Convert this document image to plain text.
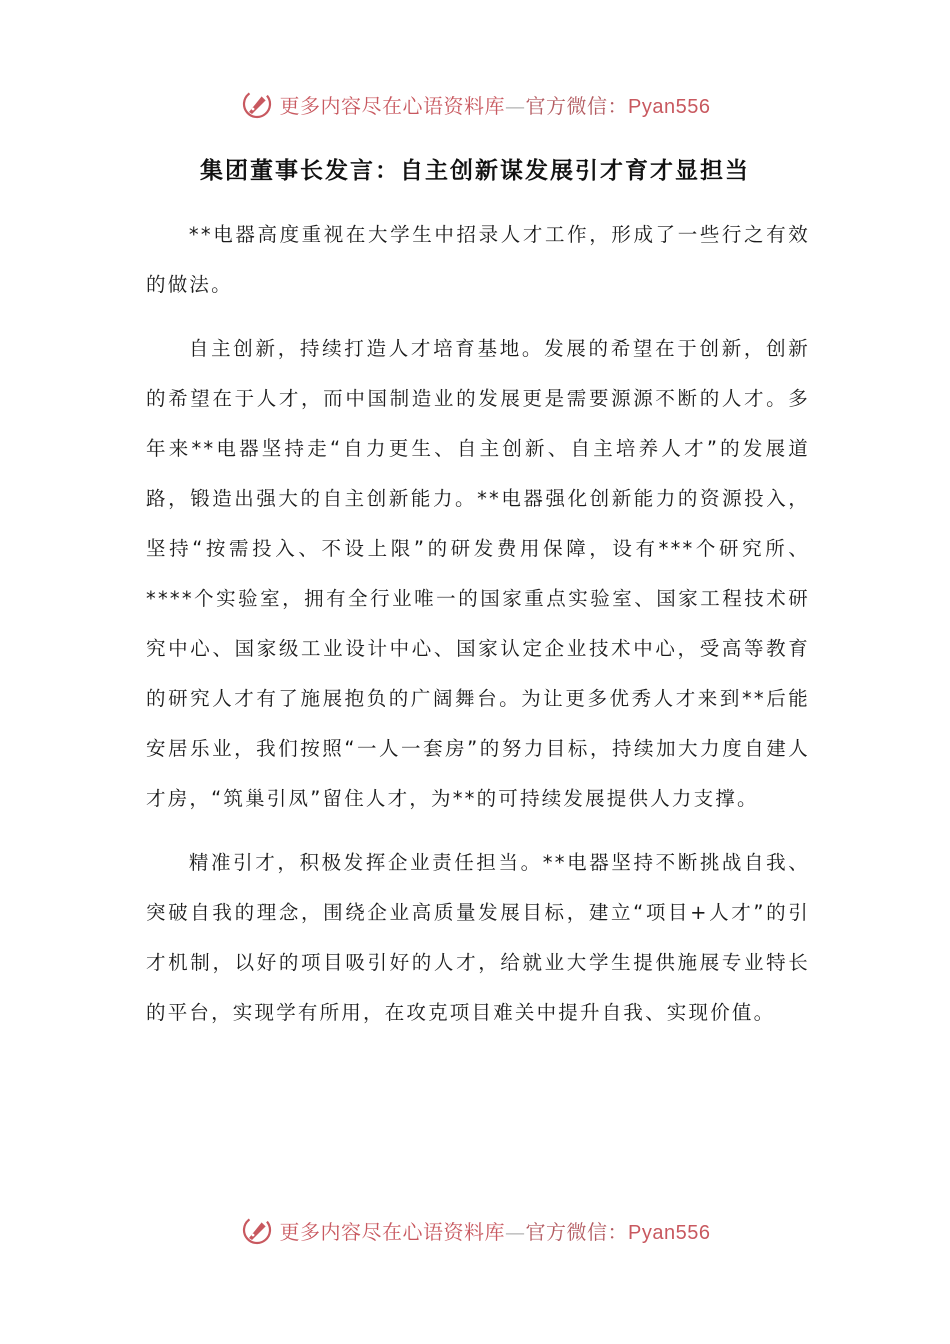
更多内容尽在心语资料库—官方微信：Pyan556
集团董事长发言：自主创新谋发展引才育才显担当

**电器高度重视在大学生中招录人才工作，形成了一些行之有效的做法。

自主创新，持续打造人才培育基地。发展的希望在于创新，创新的希望在于人才，而中国制造业的发展更是需要源源不断的人才。多年来**电器坚持走“自力更生、自主创新、自主培养人才”的发展道路，锻造出强大的自主创新能力。**电器强化创新能力的资源投入，坚持“按需投入、不设上限”的研发费用保障，设有***个研究所、****个实验室，拥有全行业唯一的国家重点实验室、国家工程技术研究中心、国家级工业设计中心、国家认定企业技术中心，受高等教育的研究人才有了施展抱负的广阔舞台。为让更多优秀人才来到**后能安居乐业，我们按照“一人一套房”的努力目标，持续加大力度自建人才房，“筑巢引凤”留住人才，为**的可持续发展提供人力支撑。

精准引才，积极发挥企业责任担当。**电器坚持不断挑战自我、突破自我的理念，围绕企业高质量发展目标，建立“项目+人才”的引才机制，以好的项目吸引好的人才，给就业大学生提供施展专业特长的平台，实现学有所用，在攻克项目难关中提升自我、实现价值。

更多内容尽在心语资料库—官方微信：Pyan556
